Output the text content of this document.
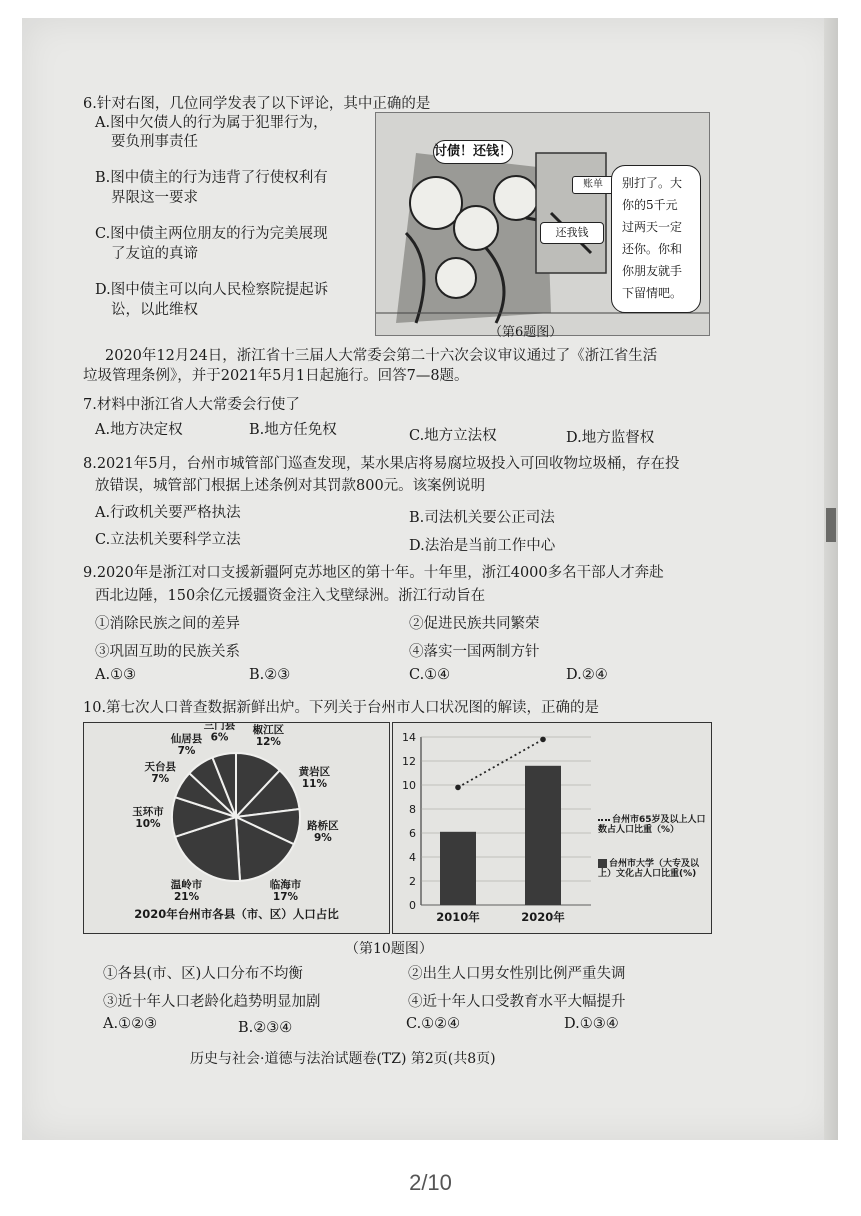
6.针对右图，几位同学发表了以下评论，其中正确的是
A.图中欠债人的行为属于犯罪行为，
要负刑事责任
B.图中债主的行为违背了行使权利有
界限这一要求
C.图中债主两位朋友的行为完美展现
了友谊的真谛
D.图中债主可以向人民检察院提起诉
讼，以此维权
讨债！还钱！
账单
还我钱
别打了。大
你的5千元
过两天一定
还你。你和
你朋友就手
下留情吧。
（第6题图）
2020年12月24日，浙江省十三届人大常委会第二十六次会议审议通过了《浙江省生活
垃圾管理条例》，并于2021年5月1日起施行。回答7—8题。
7.材料中浙江省人大常委会行使了
A.地方决定权	B.地方任免权	C.地方立法权	D.地方监督权
8.2021年5月，台州市城管部门巡查发现，某水果店将易腐垃圾投入可回收物垃圾桶，存在投
放错误，城管部门根据上述条例对其罚款800元。该案例说明
A.行政机关要严格执法	B.司法机关要公正司法
C.立法机关要科学立法	D.法治是当前工作中心
9.2020年是浙江对口支援新疆阿克苏地区的第十年。十年里，浙江4000多名干部人才奔赴
西北边陲，150余亿元援疆资金注入戈壁绿洲。浙江行动旨在
①消除民族之间的差异	②促进民族共同繁荣
③巩固互助的民族关系	④落实一国两制方针
A.①③	B.②③	C.①④	D.②④
10.第七次人口普查数据新鲜出炉。下列关于台州市人口状况图的解读，正确的是
椒江区
12%
黄岩区
11%
路桥区
9%
临海市
17%
温岭市
21%
玉环市
10%
天台县
7%
仙居县
7%
三门县
6%
2020年台州市各县（市、区）人口占比
0
2
4
6
8
10
12
14
2010年	2020年
台州市65岁及以上人口数占人口比重（%）
台州市大学（大专及以上）文化占人口比重(%)
（第10题图）
①各县(市、区)人口分布不均衡	②出生人口男女性别比例严重失调
③近十年人口老龄化趋势明显加剧	④近十年人口受教育水平大幅提升
A.①②③	B.②③④	C.①②④	D.①③④
历史与社会·道德与法治试题卷(TZ) 第2页(共8页)
2/10
